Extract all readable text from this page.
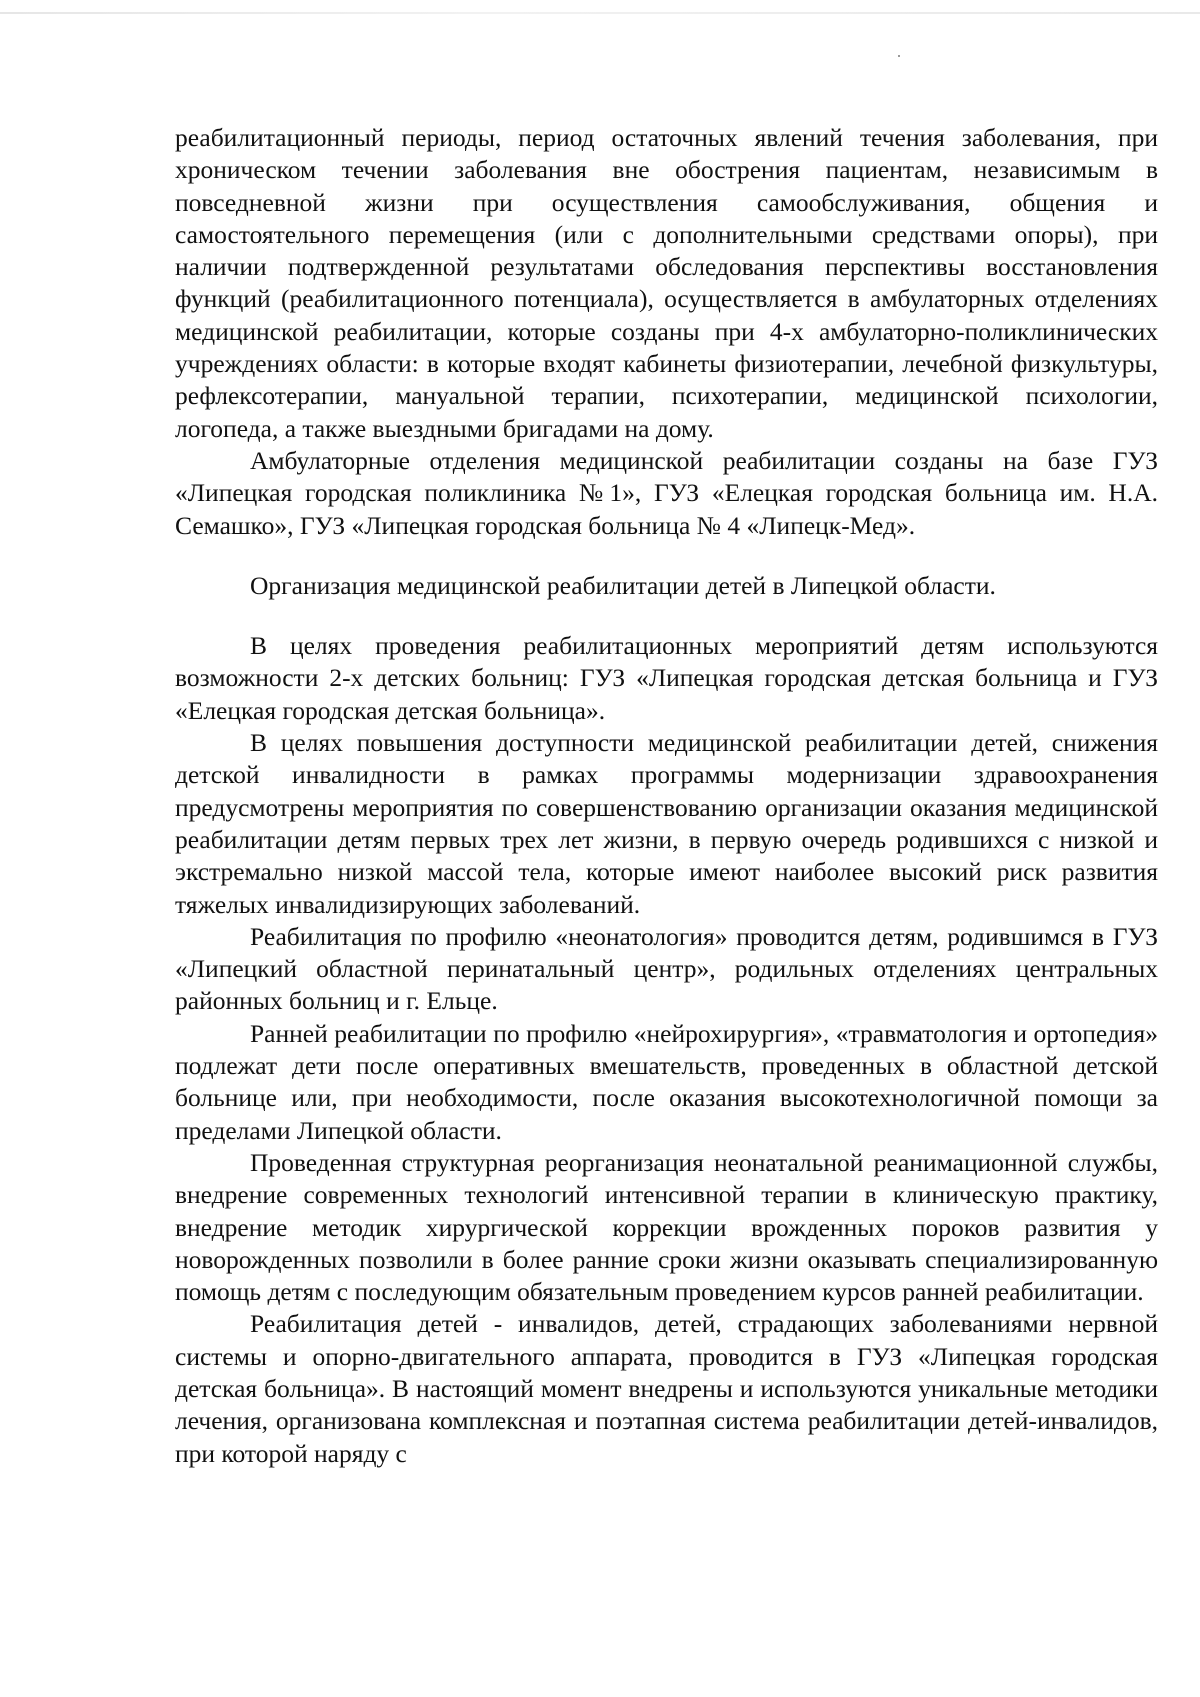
реабилитационный периоды, период остаточных явлений течения заболевания, при хроническом течении заболевания вне обострения пациентам, независимым в повседневной жизни при осуществления самообслуживания, общения и самостоятельного перемещения (или с дополнительными средствами опоры), при наличии подтвержденной результатами обследования перспективы восстановления функций (реабилитационного потенциала), осуществляется в амбулаторных отделениях медицинской реабилитации, которые созданы при 4-х амбулаторно-поликлинических учреждениях области: в которые входят кабинеты физиотерапии, лечебной физкультуры, рефлексотерапии, мануальной терапии, психотерапии, медицинской психологии, логопеда, а также выездными бригадами на дому.

Амбулаторные отделения медицинской реабилитации созданы на базе ГУЗ «Липецкая городская поликлиника №1», ГУЗ «Елецкая городская больница им. Н.А. Семашко», ГУЗ «Липецкая городская больница № 4 «Липецк-Мед».

Организация медицинской реабилитации детей в Липецкой области.

В целях проведения реабилитационных мероприятий детям используются возможности 2-х детских больниц: ГУЗ «Липецкая городская детская больница и ГУЗ «Елецкая городская детская больница».

В целях повышения доступности медицинской реабилитации детей, снижения детской инвалидности в рамках программы модернизации здравоохранения предусмотрены мероприятия по совершенствованию организации оказания медицинской реабилитации детям первых трех лет жизни, в первую очередь родившихся с низкой и экстремально низкой массой тела, которые имеют наиболее высокий риск развития тяжелых инвалидизирующих заболеваний.

Реабилитация по профилю «неонатология» проводится детям, родившимся в ГУЗ «Липецкий областной перинатальный центр», родильных отделениях центральных районных больниц и г. Ельце.

Ранней реабилитации по профилю «нейрохирургия», «травматология и ортопедия» подлежат дети после оперативных вмешательств, проведенных в областной детской больнице или, при необходимости, после оказания высокотехнологичной помощи за пределами Липецкой области.

Проведенная структурная реорганизация неонатальной реанимационной службы, внедрение современных технологий интенсивной терапии в клиническую практику, внедрение методик хирургической коррекции врожденных пороков развития у новорожденных позволили в более ранние сроки жизни оказывать специализированную помощь детям с последующим обязательным проведением курсов ранней реабилитации.

Реабилитация детей - инвалидов, детей, страдающих заболеваниями нервной системы и опорно-двигательного аппарата, проводится в ГУЗ «Липецкая городская детская больница». В настоящий момент внедрены и используются уникальные методики лечения, организована комплексная и поэтапная система реабилитации детей-инвалидов, при которой наряду с
